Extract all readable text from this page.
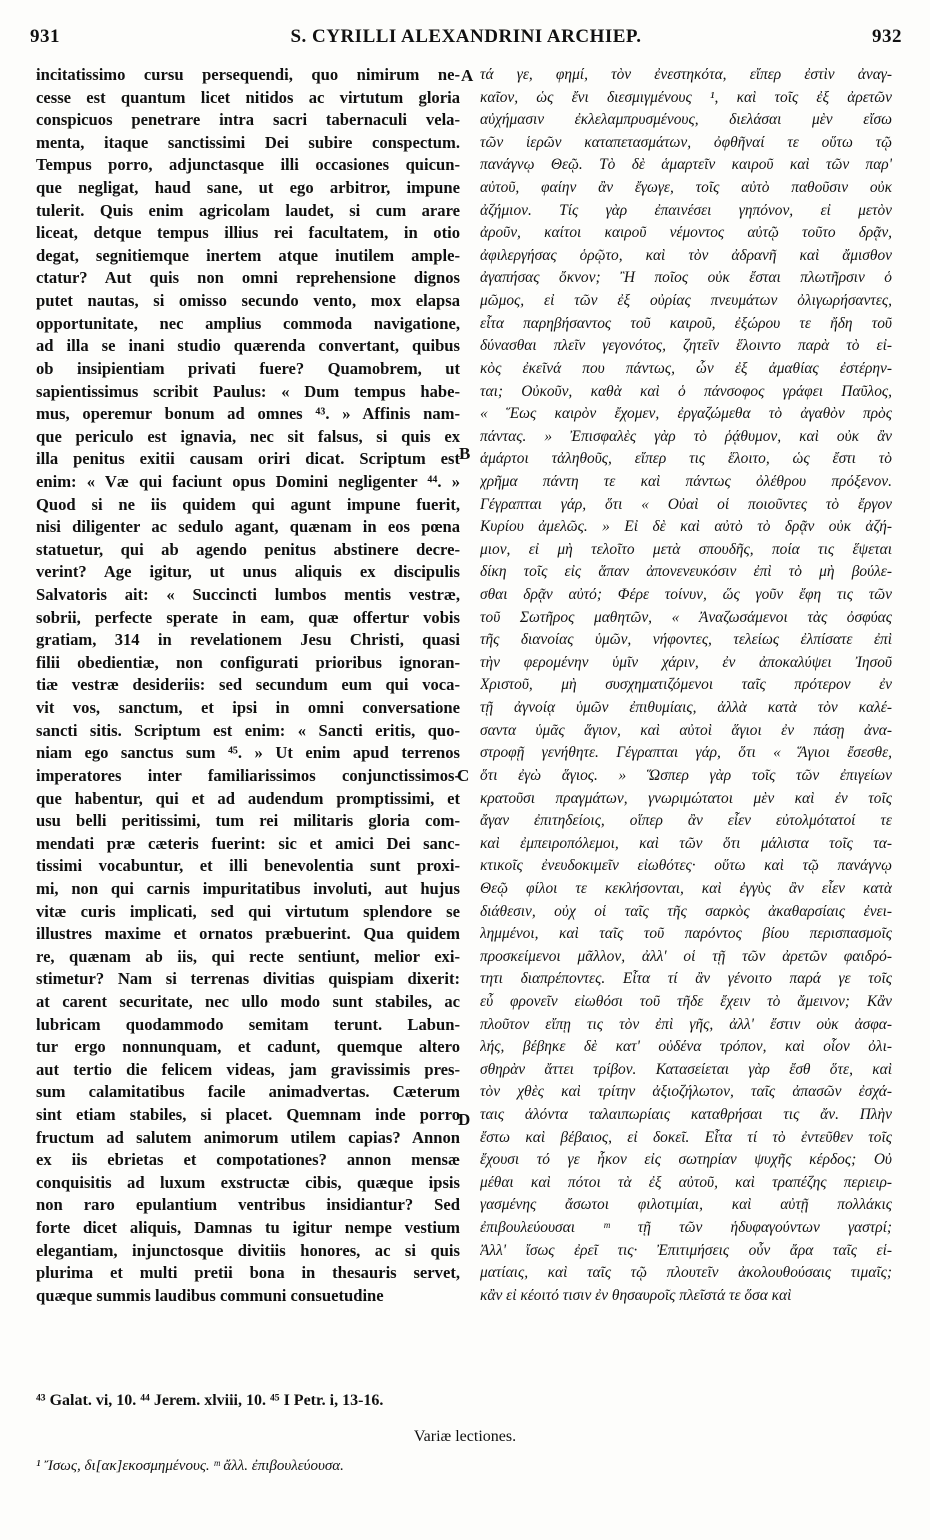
931	S. CYRILLI ALEXANDRINI ARCHIEP.	932
incitatissimo cursu persequendi, quo nimirum ne-
cesse est quantum licet nitidos ac virtutum gloria
conspicuos penetrare intra sacri tabernaculi vela-
menta, itaque sanctissimi Dei subire conspectum.
Tempus porro, adjunctasque illi occasiones quicun-
que negligat, haud sane, ut ego arbitror, impune
tulerit. Quis enim agricolam laudet, si cum arare
liceat, detque tempus illius rei facultatem, in otio
degat, segnitiemque inertem atque inutilem ample-
ctatur? Aut quis non omni reprehensione dignos
putet nautas, si omisso secundo vento, mox elapsa
opportunitate, nec amplius commoda navigatione,
ad illa se inani studio quærenda convertant, quibus
ob insipientiam privati fuere? Quamobrem, ut
sapientissimus scribit Paulus: « Dum tempus habe-
mus, operemur bonum ad omnes ⁴³. » Affinis nam-
que periculo est ignavia, nec sit falsus, si quis ex
illa penitus exitii causam oriri dicat. Scriptum est
enim: « Væ qui faciunt opus Domini negligenter ⁴⁴. »
Quod si ne iis quidem qui agunt impune fuerit,
nisi diligenter ac sedulo agant, quænam in eos pœna
statuetur, qui ab agendo penitus abstinere decre-
verint? Age igitur, ut unus aliquis ex discipulis
Salvatoris ait: « Succincti lumbos mentis vestræ,
sobrii, perfecte sperate in eam, quæ offertur vobis
gratiam, 314 in revelationem Jesu Christi, quasi
filii obedientiæ, non configurati prioribus ignoran-
tiæ vestræ desideriis: sed secundum eum qui voca-
vit vos, sanctum, et ipsi in omni conversatione
sancti sitis. Scriptum est enim: « Sancti eritis, quo-
niam ego sanctus sum ⁴⁵. » Ut enim apud terrenos
imperatores inter familiarissimos conjunctissimos-
que habentur, qui et ad audendum promptissimi, et
usu belli peritissimi, tum rei militaris gloria com-
mendati præ cæteris fuerint: sic et amici Dei sanc-
tissimi vocabuntur, et illi benevolentia sunt proxi-
mi, non qui carnis impuritatibus involuti, aut hujus
vitæ curis implicati, sed qui virtutum splendore se
illustres maxime et ornatos præbuerint. Qua quidem
re, quænam ab iis, qui recte sentiunt, melior exi-
stimetur? Nam si terrenas divitias quispiam dixerit:
at carent securitate, nec ullo modo sunt stabiles, ac
lubricam quodammodo semitam terunt. Labun-
tur ergo nonnunquam, et cadunt, quemque altero
aut tertio die felicem videas, jam gravissimis pres-
sum calamitatibus facile animadvertas. Cæterum
sint etiam stabiles, si placet. Quemnam inde porro
fructum ad salutem animorum utilem capias? Annon
ex iis ebrietas et compotationes? annon mensæ
conquisitis ad luxum exstructæ cibis, quæque ipsis
non raro epulantium ventribus insidiantur? Sed
forte dicet aliquis, Damnas tu igitur nempe vestium
elegantiam, injunctosque divitiis honores, ac si quis
plurima et multi pretii bona in thesauris servet,
quæque summis laudibus communi consuetudine
τά γε, φημί, τὸν ἐνεστηκότα, εἴπερ ἐστὶν ἀναγ-
καῖον, ὡς ἔνι διεσμιγμένους ¹, καὶ τοῖς ἐξ ἀρετῶν
αὐχήμασιν ἐκλελαμπρυσμένους, διελάσαι μὲν εἴσω
τῶν ἱερῶν καταπετασμάτων, ὀφθῆναί τε οὕτω τῷ
πανάγνῳ Θεῷ. Τὸ δὲ ἁμαρτεῖν καιροῦ καὶ τῶν παρ'
αὐτοῦ, φαίην ἂν ἔγωγε, τοῖς αὐτὸ παθοῦσιν οὐκ
ἀζήμιον. Τίς γὰρ ἐπαινέσει γηπόνον, εἰ μετὸν
ἀροῦν, καίτοι καιροῦ νέμοντος αὐτῷ τοῦτο δρᾷν,
ἀφιλεργήσας ὁρῷτο, καὶ τὸν ἀδρανῆ καὶ ἄμισθον
ἀγαπήσας ὄκνον; Ἢ ποῖος οὐκ ἔσται πλωτῆρσιν ὁ
μῶμος, εἰ τῶν ἐξ οὐρίας πνευμάτων ὀλιγωρήσαντες,
εἶτα παρηβήσαντος τοῦ καιροῦ, ἐξώρου τε ἤδη τοῦ
δύνασθαι πλεῖν γεγονότος, ζητεῖν ἕλοιντο παρὰ τὸ εἰ-
κὸς ἐκεῖνά που πάντως, ὧν ἐξ ἀμαθίας ἐστέρην-
ται; Οὐκοῦν, καθὰ καὶ ὁ πάνσοφος γράφει Παῦλος,
« Ἕως καιρὸν ἔχομεν, ἐργαζώμεθα τὸ ἀγαθὸν πρὸς
πάντας. » Ἐπισφαλὲς γὰρ τὸ ῥᾴθυμον, καὶ οὐκ ἂν
ἁμάρτοι τἀληθοῦς, εἴπερ τις ἕλοιτο, ὡς ἔστι τὸ
χρῆμα πάντη τε καὶ πάντως ὀλέθρου πρόξενον.
Γέγραπται γάρ, ὅτι « Οὐαὶ οἱ ποιοῦντες τὸ ἔργον
Κυρίου ἀμελῶς. » Εἰ δὲ καὶ αὐτὸ τὸ δρᾷν οὐκ ἀζή-
μιον, εἰ μὴ τελοῖτο μετὰ σπουδῆς, ποία τις ἕψεται
δίκη τοῖς εἰς ἅπαν ἀπονενευκόσιν ἐπὶ τὸ μὴ βούλε-
σθαι δρᾷν αὐτό; Φέρε τοίνυν, ὥς γοῦν ἔφη τις τῶν
τοῦ Σωτῆρος μαθητῶν, « Ἀναζωσάμενοι τὰς ὀσφύας
τῆς διανοίας ὑμῶν, νήφοντες, τελείως ἐλπίσατε ἐπὶ
τὴν φερομένην ὑμῖν χάριν, ἐν ἀποκαλύψει Ἰησοῦ
Χριστοῦ, μὴ συσχηματιζόμενοι ταῖς πρότερον ἐν
τῇ ἀγνοίᾳ ὑμῶν ἐπιθυμίαις, ἀλλὰ κατὰ τὸν καλέ-
σαντα ὑμᾶς ἅγιον, καὶ αὐτοὶ ἅγιοι ἐν πάσῃ ἀνα-
στροφῇ γενήθητε. Γέγραπται γάρ, ὅτι « Ἅγιοι ἔσεσθε,
ὅτι ἐγὼ ἅγιος. » Ὥσπερ γὰρ τοῖς τῶν ἐπιγείων
κρατοῦσι πραγμάτων, γνωριμώτατοι μὲν καὶ ἐν τοῖς
ἄγαν ἐπιτηδείοις, οἵπερ ἂν εἶεν εὐτολμότατοί τε
καὶ ἐμπειροπόλεμοι, καὶ τῶν ὅτι μάλιστα τοῖς τα-
κτικοῖς ἐνευδοκιμεῖν εἰωθότες· οὕτω καὶ τῷ πανάγνῳ
Θεῷ φίλοι τε κεκλήσονται, καὶ ἐγγὺς ἂν εἶεν κατὰ
διάθεσιν, οὐχ οἱ ταῖς τῆς σαρκὸς ἀκαθαρσίαις ἐνει-
λημμένοι, καὶ ταῖς τοῦ παρόντος βίου περισπασμοῖς
προσκείμενοι μᾶλλον, ἀλλ' οἱ τῇ τῶν ἀρετῶν φαιδρό-
τητι διαπρέποντες. Εἶτα τί ἂν γένοιτο παρά γε τοῖς
εὖ φρονεῖν εἰωθόσι τοῦ τῆδε ἔχειν τὸ ἄμεινον; Κἂν
πλοῦτον εἴπῃ τις τὸν ἐπὶ γῆς, ἀλλ' ἔστιν οὐκ ἀσφα-
λής, βέβηκε δὲ κατ' οὐδένα τρόπον, καὶ οἷον ὀλι-
σθηρὰν ἄττει τρίβον. Κατασείεται γὰρ ἔσθ ὅτε, καὶ
τὸν χθὲς καὶ τρίτην ἀξιοζήλωτον, ταῖς ἀπασῶν ἐσχά-
ταις ἁλόντα ταλαιπωρίαις καταθρήσαι τις ἄν. Πλὴν
ἔστω καὶ βέβαιος, εἰ δοκεῖ. Εἶτα τί τὸ ἐντεῦθεν τοῖς
ἔχουσι τό γε ἧκον εἰς σωτηρίαν ψυχῆς κέρδος; Οὐ
μέθαι καὶ πότοι τὰ ἐξ αὐτοῦ, καὶ τραπέζης περιειρ-
γασμένης ἄσωτοι φιλοτιμίαι, καὶ αὐτῇ πολλάκις
ἐπιβουλεύουσαι ᵐ τῇ τῶν ἡδυφαγούντων γαστρί;
Ἀλλ' ἴσως ἐρεῖ τις· Ἐπιτιμήσεις οὖν ἄρα ταῖς εἱ-
ματίαις, καὶ ταῖς τῷ πλουτεῖν ἀκολουθούσαις τιμαῖς;
κἂν εἰ κέοιτό τισιν ἐν θησαυροῖς πλεῖστά τε ὅσα καὶ
A
B
C
D
⁴³ Galat. vi, 10. ⁴⁴ Jerem. xlviii, 10. ⁴⁵ I Petr. i, 13-16.
Variæ lectiones.
¹ Ἴσως, δι[ακ]εκοσμημένους. ᵐ ἄλλ. ἐπιβουλεύουσα.
